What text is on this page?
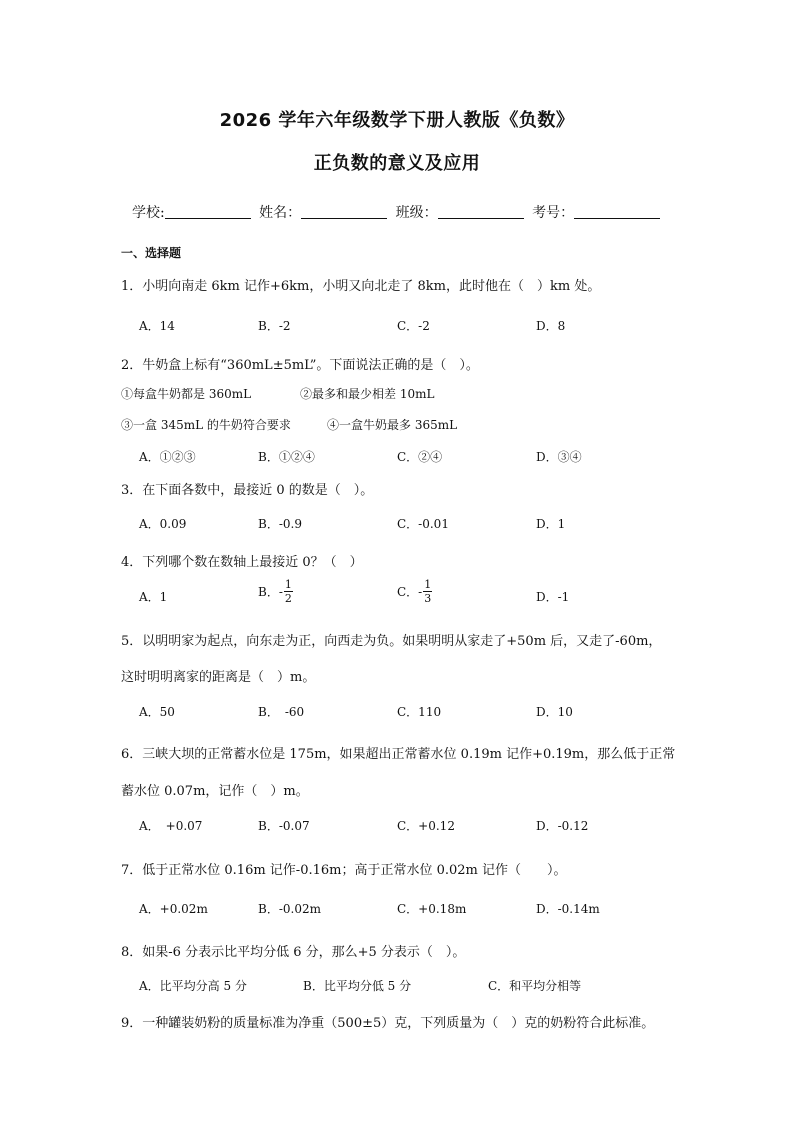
2026 学年六年级数学下册人教版《负数》
正负数的意义及应用
学校:	姓名：	班级：	考号：
一、选择题
1．小明向南走 6km 记作+6km，小明又向北走了 8km，此时他在（　）km 处。
A．14	B．-2	C．-2	D．8
2．牛奶盒上标有“360mL±5mL”。下面说法正确的是（　）。
①每盒牛奶都是 360mL	②最多和最少相差 10mL
③一盒 345mL 的牛奶符合要求	④一盒牛奶最多 365mL
A．①②③	B．①②④	C．②④	D．③④
3．在下面各数中，最接近 0 的数是（　）。
A．0.09	B．-0.9	C．-0.01	D．1
4．下列哪个数在数轴上最接近 0？（　）
A．1	B．- $\frac{1}{2}$	C．- $\frac{1}{3}$	D．-1
5．以明明家为起点，向东走为正，向西走为负。如果明明从家走了+50m 后，又走了-60m，
这时明明离家的距离是（　）m。
A．50	B．　-60	C．110	D．10
6．三峡大坝的正常蓄水位是 175m，如果超出正常蓄水位 0.19m 记作+0.19m，那么低于正常
蓄水位 0.07m，记作（　）m。
A．　+0.07	B．-0.07	C．+0.12	D．-0.12
7．低于正常水位 0.16m 记作-0.16m；高于正常水位 0.02m 记作（　　）。
A．+0.02m	B．-0.02m	C．+0.18m	D．-0.14m
8．如果-6 分表示比平均分低 6 分，那么+5 分表示（　）。
A．比平均分高 5 分	B．比平均分低 5 分	C．和平均分相等
9．一种罐装奶粉的质量标准为净重（500±5）克，下列质量为（　）克的奶粉符合此标准。
